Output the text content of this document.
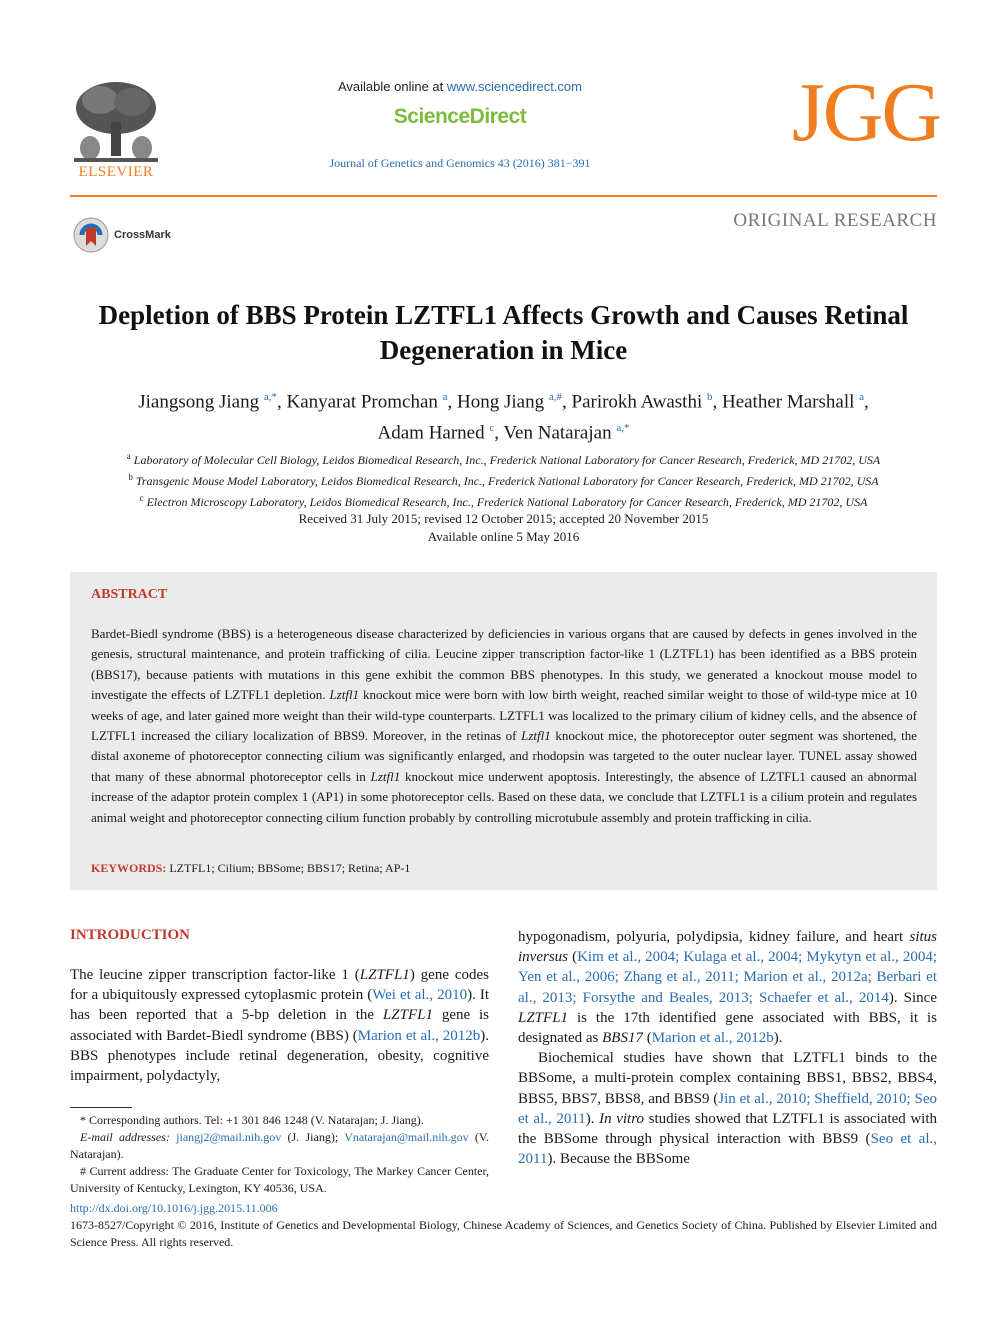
ELSEVIER
Available online at www.sciencedirect.com
ScienceDirect
Journal of Genetics and Genomics 43 (2016) 381−391
JGG
CrossMark
ORIGINAL RESEARCH
Depletion of BBS Protein LZTFL1 Affects Growth and Causes Retinal Degeneration in Mice
Jiangsong Jiang $^{a,*}$, Kanyarat Promchan $^a$, Hong Jiang $^{a,\#}$, Parirokh Awasthi $^b$, Heather Marshall $^a$,
Adam Harned $^c$, Ven Natarajan $^{a,*}$
$^a$ Laboratory of Molecular Cell Biology, Leidos Biomedical Research, Inc., Frederick National Laboratory for Cancer Research, Frederick, MD 21702, USA
$^b$ Transgenic Mouse Model Laboratory, Leidos Biomedical Research, Inc., Frederick National Laboratory for Cancer Research, Frederick, MD 21702, USA
$^c$ Electron Microscopy Laboratory, Leidos Biomedical Research, Inc., Frederick National Laboratory for Cancer Research, Frederick, MD 21702, USA
Received 31 July 2015; revised 12 October 2015; accepted 20 November 2015
Available online 5 May 2016
ABSTRACT
Bardet-Biedl syndrome (BBS) is a heterogeneous disease characterized by deficiencies in various organs that are caused by defects in genes involved in the genesis, structural maintenance, and protein trafficking of cilia. Leucine zipper transcription factor-like 1 (LZTFL1) has been identified as a BBS protein (BBS17), because patients with mutations in this gene exhibit the common BBS phenotypes. In this study, we generated a knockout mouse model to investigate the effects of LZTFL1 depletion. Lztfl1 knockout mice were born with low birth weight, reached similar weight to those of wild-type mice at 10 weeks of age, and later gained more weight than their wild-type counterparts. LZTFL1 was localized to the primary cilium of kidney cells, and the absence of LZTFL1 increased the ciliary localization of BBS9. Moreover, in the retinas of Lztfl1 knockout mice, the photoreceptor outer segment was shortened, the distal axoneme of photoreceptor connecting cilium was significantly enlarged, and rhodopsin was targeted to the outer nuclear layer. TUNEL assay showed that many of these abnormal photoreceptor cells in Lztfl1 knockout mice underwent apoptosis. Interestingly, the absence of LZTFL1 caused an abnormal increase of the adaptor protein complex 1 (AP1) in some photoreceptor cells. Based on these data, we conclude that LZTFL1 is a cilium protein and regulates animal weight and photoreceptor connecting cilium function probably by controlling microtubule assembly and protein trafficking in cilia.
KEYWORDS: LZTFL1; Cilium; BBSome; BBS17; Retina; AP-1
INTRODUCTION
The leucine zipper transcription factor-like 1 (LZTFL1) gene codes for a ubiquitously expressed cytoplasmic protein (Wei et al., 2010). It has been reported that a 5-bp deletion in the LZTFL1 gene is associated with Bardet-Biedl syndrome (BBS) (Marion et al., 2012b). BBS phenotypes include retinal degeneration, obesity, cognitive impairment, polydactyly,

hypogonadism, polyuria, polydipsia, kidney failure, and heart situs inversus (Kim et al., 2004; Kulaga et al., 2004; Mykytyn et al., 2004; Yen et al., 2006; Zhang et al., 2011; Marion et al., 2012a; Berbari et al., 2013; Forsythe and Beales, 2013; Schaefer et al., 2014). Since LZTFL1 is the 17th identified gene associated with BBS, it is designated as BBS17 (Marion et al., 2012b).

Biochemical studies have shown that LZTFL1 binds to the BBSome, a multi-protein complex containing BBS1, BBS2, BBS4, BBS5, BBS7, BBS8, and BBS9 (Jin et al., 2010; Sheffield, 2010; Seo et al., 2011). In vitro studies showed that LZTFL1 is associated with the BBSome through physical interaction with BBS9 (Seo et al., 2011). Because the BBSome

* Corresponding authors. Tel: +1 301 846 1248 (V. Natarajan; J. Jiang).

E-mail addresses: jiangj2@mail.nih.gov (J. Jiang); Vnatarajan@mail.nih.gov (V. Natarajan).

# Current address: The Graduate Center for Toxicology, The Markey Cancer Center, University of Kentucky, Lexington, KY 40536, USA.

http://dx.doi.org/10.1016/j.jgg.2015.11.006
1673-8527/Copyright © 2016, Institute of Genetics and Developmental Biology, Chinese Academy of Sciences, and Genetics Society of China. Published by Elsevier Limited and Science Press. All rights reserved.
